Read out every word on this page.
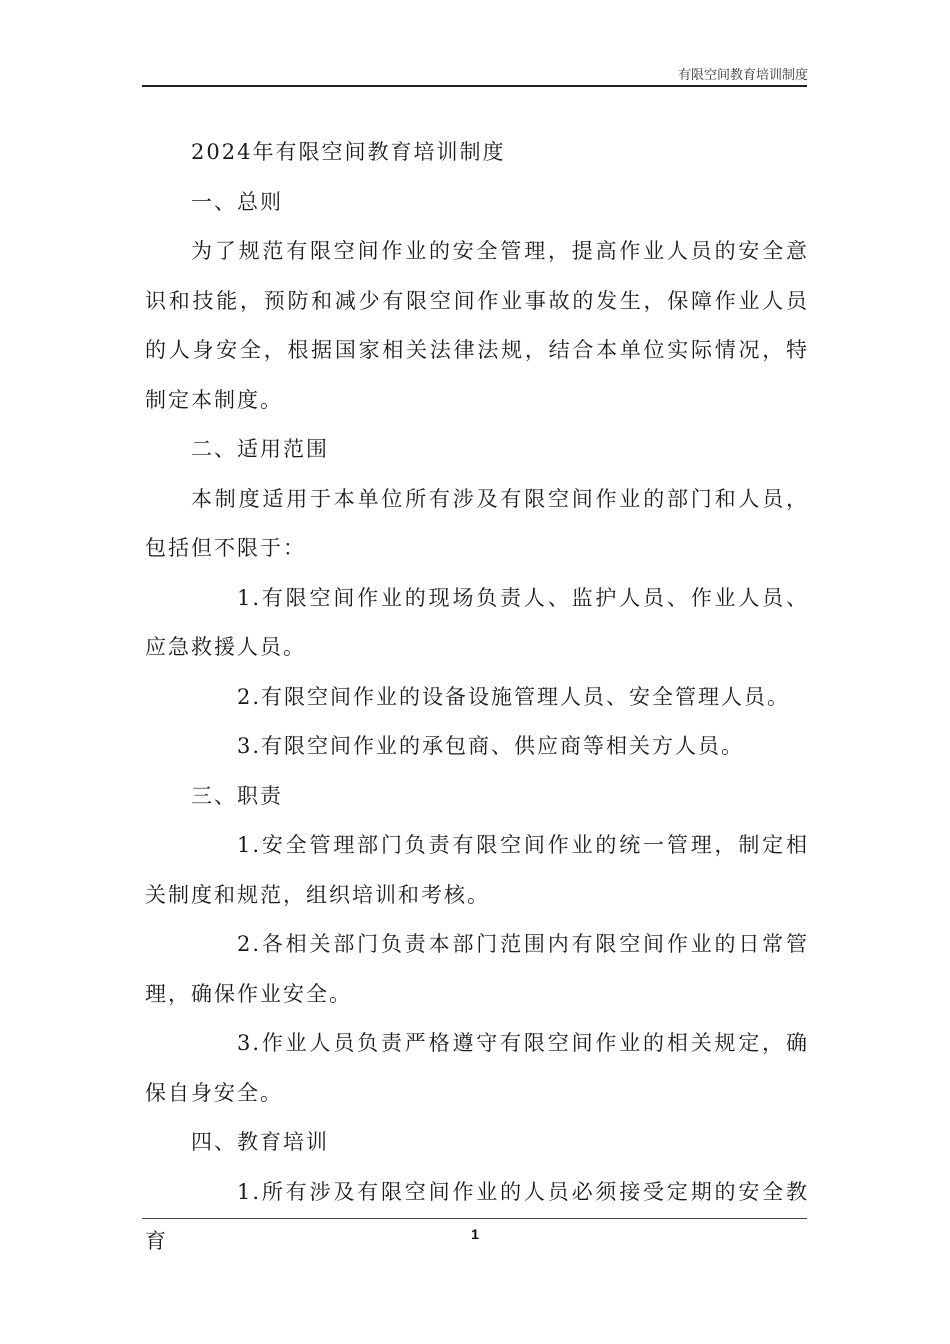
有限空间教育培训制度

2024年有限空间教育培训制度

一、总则

为了规范有限空间作业的安全管理，提高作业人员的安全意识和技能，预防和减少有限空间作业事故的发生，保障作业人员的人身安全，根据国家相关法律法规，结合本单位实际情况，特制定本制度。

二、适用范围

本制度适用于本单位所有涉及有限空间作业的部门和人员，包括但不限于：

1.有限空间作业的现场负责人、监护人员、作业人员、应急救援人员。

2.有限空间作业的设备设施管理人员、安全管理人员。

3.有限空间作业的承包商、供应商等相关方人员。

三、职责

1.安全管理部门负责有限空间作业的统一管理，制定相关制度和规范，组织培训和考核。

2.各相关部门负责本部门范围内有限空间作业的日常管理，确保作业安全。

3.作业人员负责严格遵守有限空间作业的相关规定，确保自身安全。

四、教育培训

1.所有涉及有限空间作业的人员必须接受定期的安全教育	1
